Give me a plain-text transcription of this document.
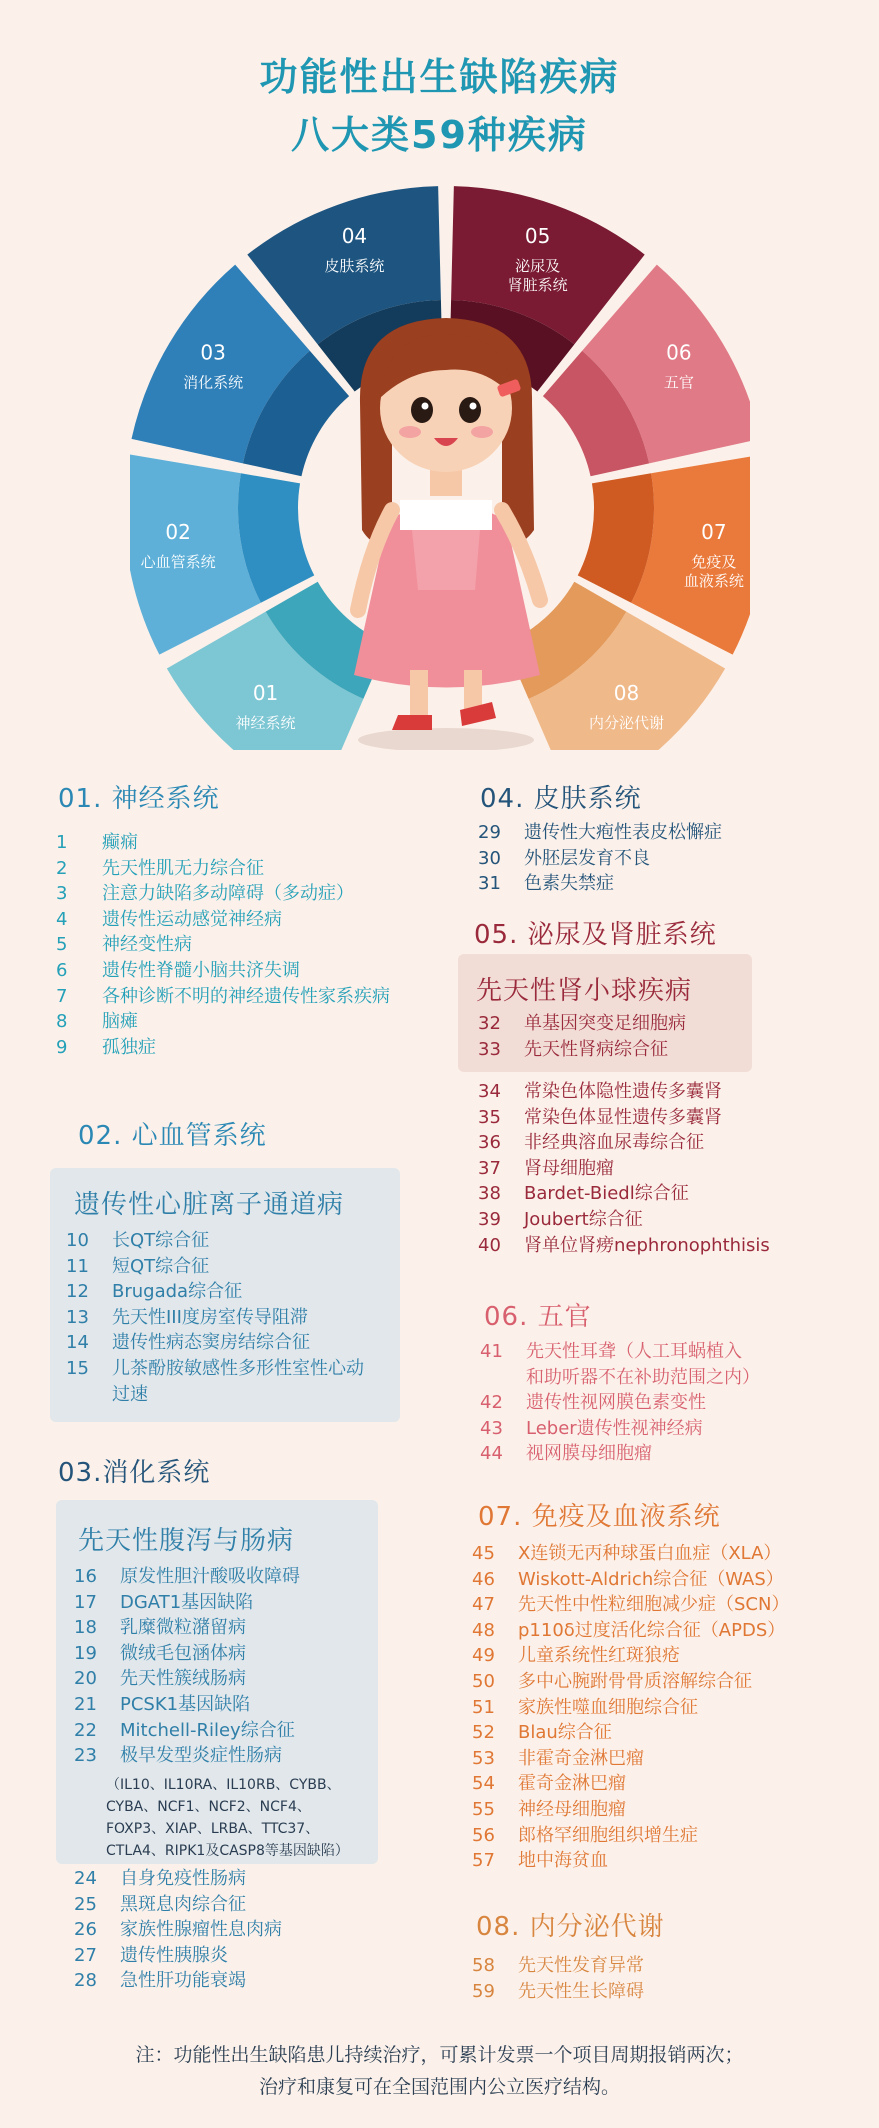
功能性出生缺陷疾病
八大类59种疾病
01
神经系统
02
心血管系统
03
消化系统
04
皮肤系统
05
泌尿及
肾脏系统
06
五官
07
免疫及
血液系统
08
内分泌代谢
01. 神经系统
1	癫痫
2	先天性肌无力综合征
3	注意力缺陷多动障碍（多动症）
4	遗传性运动感觉神经病
5	神经变性病
6	遗传性脊髓小脑共济失调
7	各种诊断不明的神经遗传性家系疾病
8	脑瘫
9	孤独症
02. 心血管系统
遗传性心脏离子通道病
10	长QT综合征
11	短QT综合征
12	Brugada综合征
13	先天性III度房室传导阻滞
14	遗传性病态窦房结综合征
15	儿茶酚胺敏感性多形性室性心动过速
03.消化系统
先天性腹泻与肠病
16	原发性胆汁酸吸收障碍
17	DGAT1基因缺陷
18	乳糜微粒潴留病
19	微绒毛包涵体病
20	先天性簇绒肠病
21	PCSK1基因缺陷
22	Mitchell-Riley综合征
23	极早发型炎症性肠病
（IL10、IL10RA、IL10RB、CYBB、CYBA、NCF1、NCF2、NCF4、FOXP3、XIAP、LRBA、TTC37、CTLA4、RIPK1及CASP8等基因缺陷）
24	自身免疫性肠病
25	黑斑息肉综合征
26	家族性腺瘤性息肉病
27	遗传性胰腺炎
28	急性肝功能衰竭
04. 皮肤系统
29	遗传性大疱性表皮松懈症
30	外胚层发育不良
31	色素失禁症
05. 泌尿及肾脏系统
先天性肾小球疾病
32	单基因突变足细胞病
33	先天性肾病综合征
34	常染色体隐性遗传多囊肾
35	常染色体显性遗传多囊肾
36	非经典溶血尿毒综合征
37	肾母细胞瘤
38	Bardet-Biedl综合征
39	Joubert综合征
40	肾单位肾痨nephronophthisis
06. 五官
41	先天性耳聋（人工耳蜗植入
和助听器不在补助范围之内）
42	遗传性视网膜色素变性
43	Leber遗传性视神经病
44	视网膜母细胞瘤
07. 免疫及血液系统
45	X连锁无丙种球蛋白血症（XLA）
46	Wiskott-Aldrich综合征（WAS）
47	先天性中性粒细胞减少症（SCN）
48	p110δ过度活化综合征（APDS）
49	儿童系统性红斑狼疮
50	多中心腕跗骨骨质溶解综合征
51	家族性噬血细胞综合征
52	Blau综合征
53	非霍奇金淋巴瘤
54	霍奇金淋巴瘤
55	神经母细胞瘤
56	郎格罕细胞组织增生症
57	地中海贫血
08. 内分泌代谢
58	先天性发育异常
59	先天性生长障碍
注：功能性出生缺陷患儿持续治疗，可累计发票一个项目周期报销两次；
治疗和康复可在全国范围内公立医疗结构。
